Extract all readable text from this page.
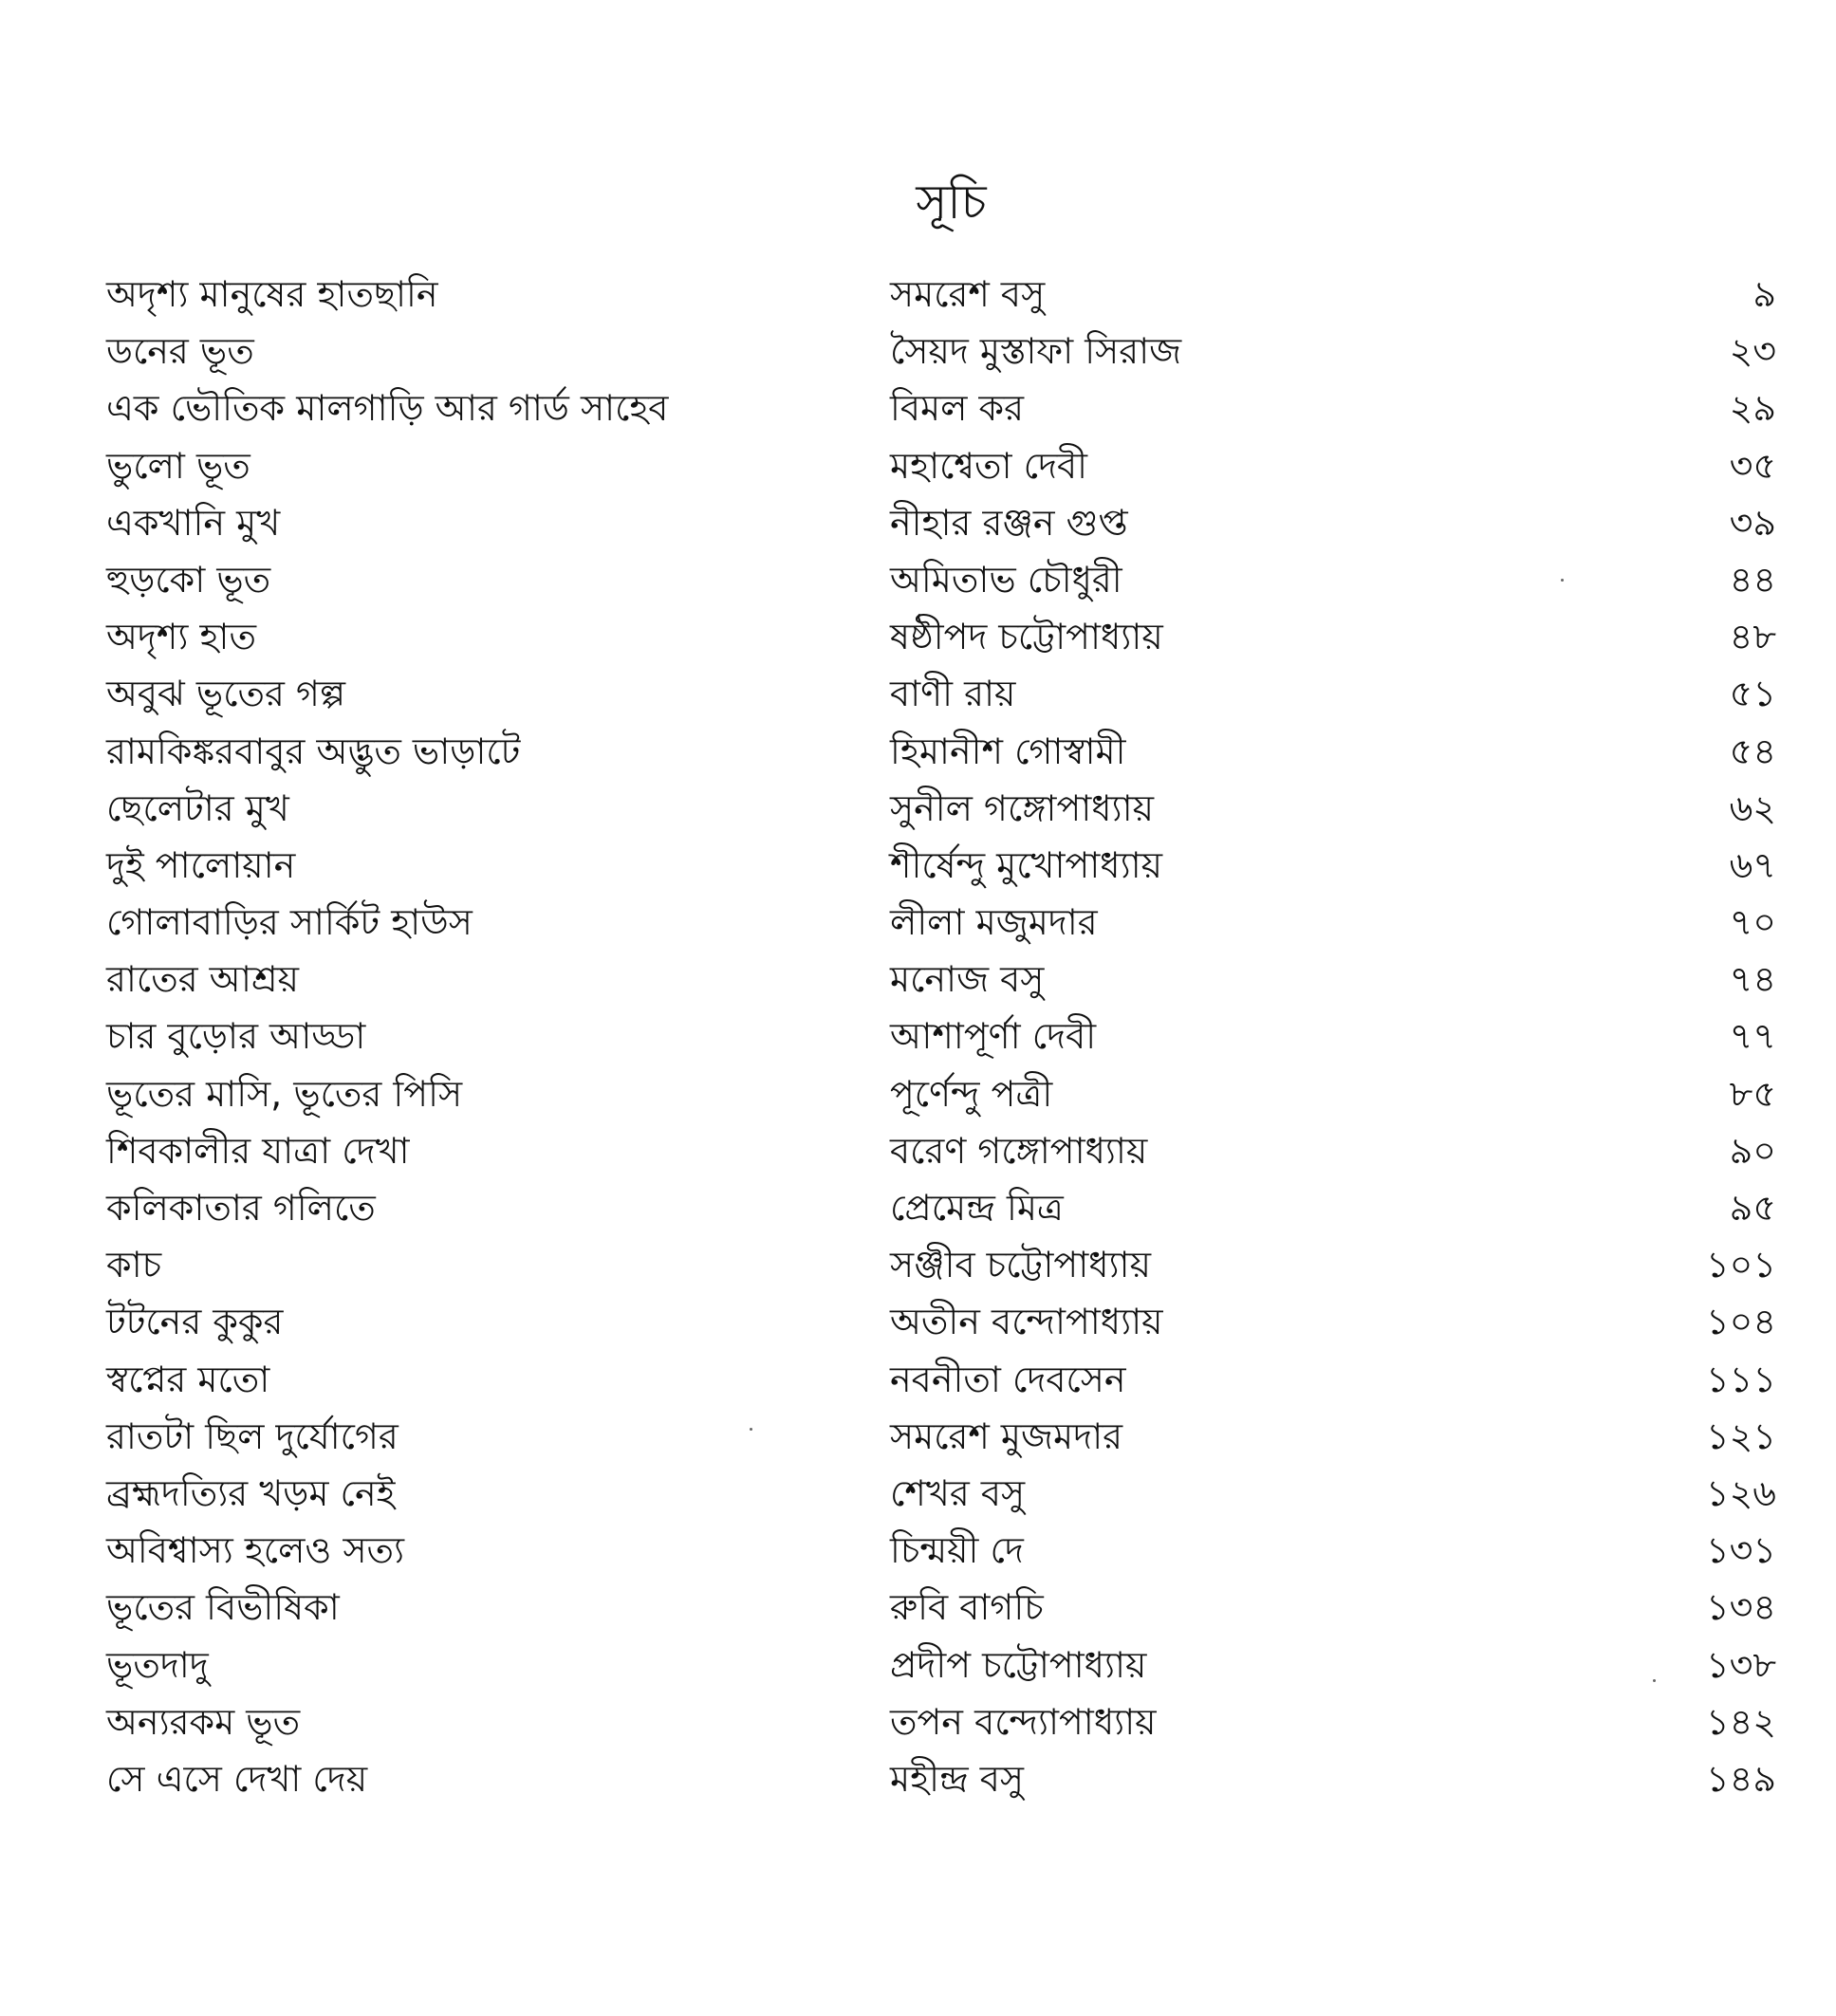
সূচি
অদৃশ্য মানুষের হাতছানি	সমরেশ বসু	৯
ডনের ভূত	সৈয়দ মুস্তাফা সিরাজ	২৩
এক ভৌতিক মালগাড়ি আর গার্ড সাহেব	বিমল কর	২৯
ভুলো ভূত	মহাশ্বেতা দেবী	৩৫
একখানি মুখ	নীহার রঞ্জন গুপ্ত	৩৯
হুড়কো ভূত	অমিতাভ চৌধুরী	৪৪
অদৃশ্য হাত	ষষ্ঠীপদ চট্টোপাধ্যায়	৪৮
অবুঝ ভূতের গল্প	বাণী রায়	৫১
রামকিঙ্করবাবুর অদ্ভুত ভাড়াটে	হিমানীশ গোস্বামী	৫৪
ছেলেটার মুখ	সুনীল গঙ্গোপাধ্যায়	৬২
দুই পালোয়ান	শীর্ষেন্দু মুখোপাধ্যায়	৬৭
গোলাবাড়ির সার্কিট হাউস	লীলা মজুমদার	৭০
রাতের আশ্রয়	মনোজ বসু	৭৪
চার বুড়োর আড্ডা	আশাপূর্ণা দেবী	৭৭
ভূতের মাসি, ভূতের পিসি	পূর্ণেন্দু পত্রী	৮৫
শিবকালীর যাত্রা দেখা	বরেণ গঙ্গোপাধ্যায়	৯০
কলিকাতার গলিতে	প্রেমেন্দ্র মিত্র	৯৫
কাচ	সঞ্জীব চট্টোপাধ্যায়	১০১
টটনের কুকুর	অতীন বন্দোপাধ্যায়	১০৪
স্বপ্নের মতো	নবনীতা দেবসেন	১১১
রাতটা ছিল দুর্যোগের	সমরেশ মুজমদার	১২১
ব্রহ্মদত্যির খড়ম নেই	শেখর বসু	১২৬
অবিশ্বাস্য হলেও সত্য	চিন্ময়ী দে	১৩১
ভূতের বিভীষিকা	রুবি বাগচি	১৩৪
ভূতদাদু	প্রদীপ চট্টোপাধ্যায়	১৩৮
অন্যরকম ভূত	তপন বন্দ্যোপাধ্যায়	১৪২
সে এসে দেখা দেয়	মহীন্দ্র বসু	১৪৯
